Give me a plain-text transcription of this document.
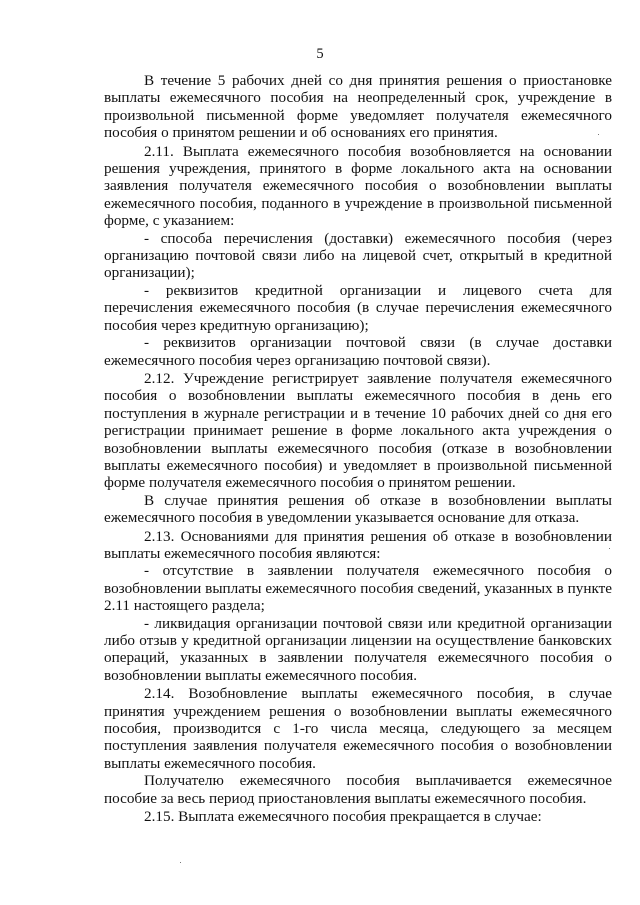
5

В течение 5 рабочих дней со дня принятия решения о приостановке выплаты ежемесячного пособия на неопределенный срок, учреждение в произвольной письменной форме уведомляет получателя ежемесячного пособия о принятом решении и об основаниях его принятия.

2.11. Выплата ежемесячного пособия возобновляется на основании решения учреждения, принятого в форме локального акта на основании заявления получателя ежемесячного пособия о возобновлении выплаты ежемесячного пособия, поданного в учреждение в произвольной письменной форме, с указанием:

- способа перечисления (доставки) ежемесячного пособия (через организацию почтовой связи либо на лицевой счет, открытый в кредитной организации);

- реквизитов кредитной организации и лицевого счета для перечисления ежемесячного пособия (в случае перечисления ежемесячного пособия через кредитную организацию);

- реквизитов организации почтовой связи (в случае доставки ежемесячного пособия через организацию почтовой связи).

2.12. Учреждение регистрирует заявление получателя ежемесячного пособия о возобновлении выплаты ежемесячного пособия в день его поступления в журнале регистрации и в течение 10 рабочих дней со дня его регистрации принимает решение в форме локального акта учреждения о возобновлении выплаты ежемесячного пособия (отказе в возобновлении выплаты ежемесячного пособия) и уведомляет в произвольной письменной форме получателя ежемесячного пособия о принятом решении.

В случае принятия решения об отказе в возобновлении выплаты ежемесячного пособия в уведомлении указывается основание для отказа.

2.13. Основаниями для принятия решения об отказе в возобновлении выплаты ежемесячного пособия являются:

- отсутствие в заявлении получателя ежемесячного пособия о возобновлении выплаты ежемесячного пособия сведений, указанных в пункте 2.11 настоящего раздела;

- ликвидация организации почтовой связи или кредитной организации либо отзыв у кредитной организации лицензии на осуществление банковских операций, указанных в заявлении получателя ежемесячного пособия о возобновлении выплаты ежемесячного пособия.

2.14. Возобновление выплаты ежемесячного пособия, в случае принятия учреждением решения о возобновлении выплаты ежемесячного пособия, производится с 1-го числа месяца, следующего за месяцем поступления заявления получателя ежемесячного пособия о возобновлении выплаты ежемесячного пособия.

Получателю ежемесячного пособия выплачивается ежемесячное пособие за весь период приостановления выплаты ежемесячного пособия.

2.15. Выплата ежемесячного пособия прекращается в случае:
